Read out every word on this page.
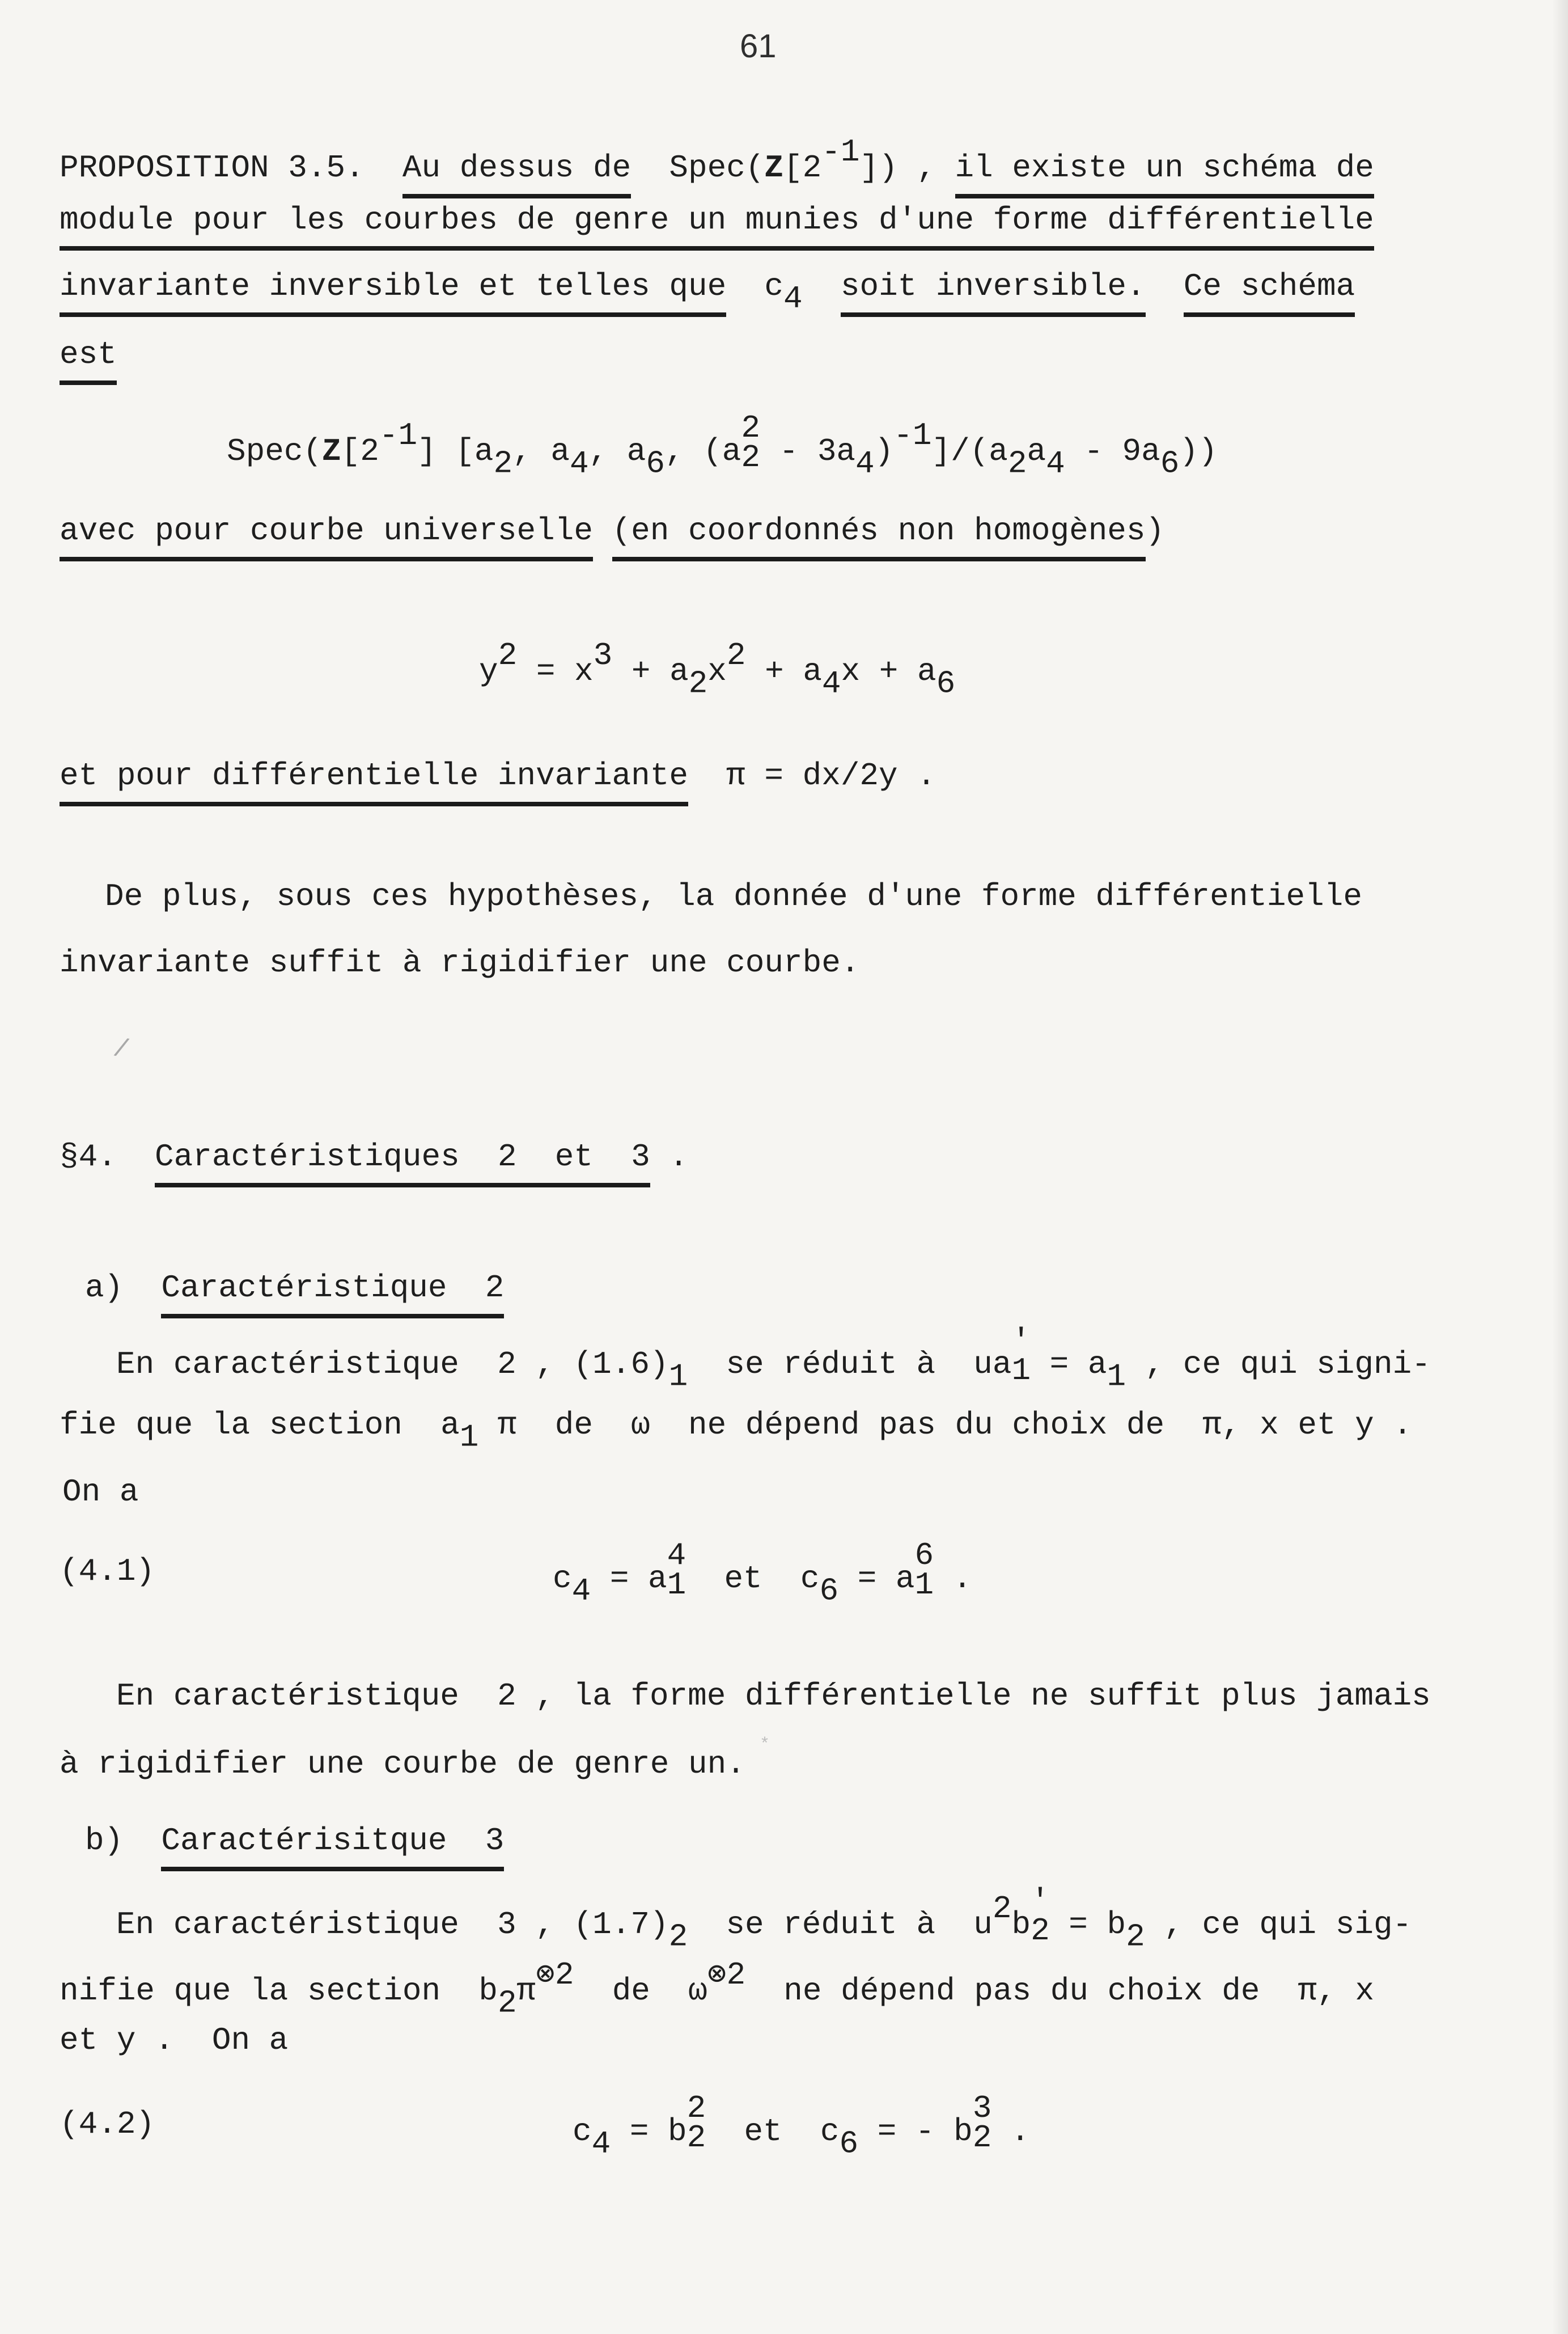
61
PROPOSITION 3.5.  Au dessus de  Spec(Z[2-1]) , il existe un schéma de
module pour les courbes de genre un munies d'une forme différentielle
invariante inversible et telles que  c4 soit inversible. Ce schéma
est
Spec(Z[2-1] [a2, a4, a6, (a
2
2 - 3a4)-1]/(a2a4 - 9a6))
avec pour courbe universelle (en coordonnés non homogènes)
y2 = x3 + a2x2 + a4x + a6
et pour différentielle invariante  π = dx/2y .
De plus, sous ces hypothèses, la donnée d'une forme différentielle
invariante suffit à rigidifier une courbe.
/
§4.  Caractéristiques  2  et  3 .
a)  Caractéristique  2
En caractéristique  2 , (1.6)1  se réduit à  ua
'
1 = a1 , ce qui signi-
fie que la section  a1 π  de  ω  ne dépend pas du choix de  π, x et y .
On a
(4.1)	c4 = a
4
1 et  c6 = a
6
1 .
En caractéristique  2 , la forme différentielle ne suffit plus jamais
à rigidifier une courbe de genre un.
*
b)  Caractérisitque  3
En caractéristique  3 , (1.7)2  se réduit à  u2b
'
2 = b2 , ce qui sig-
nifie que la section  b2π⊗2  de  ω⊗2  ne dépend pas du choix de  π, x
et y .  On a
(4.2)	c4 = b
2
2 et  c6 = - b
3
2 .
